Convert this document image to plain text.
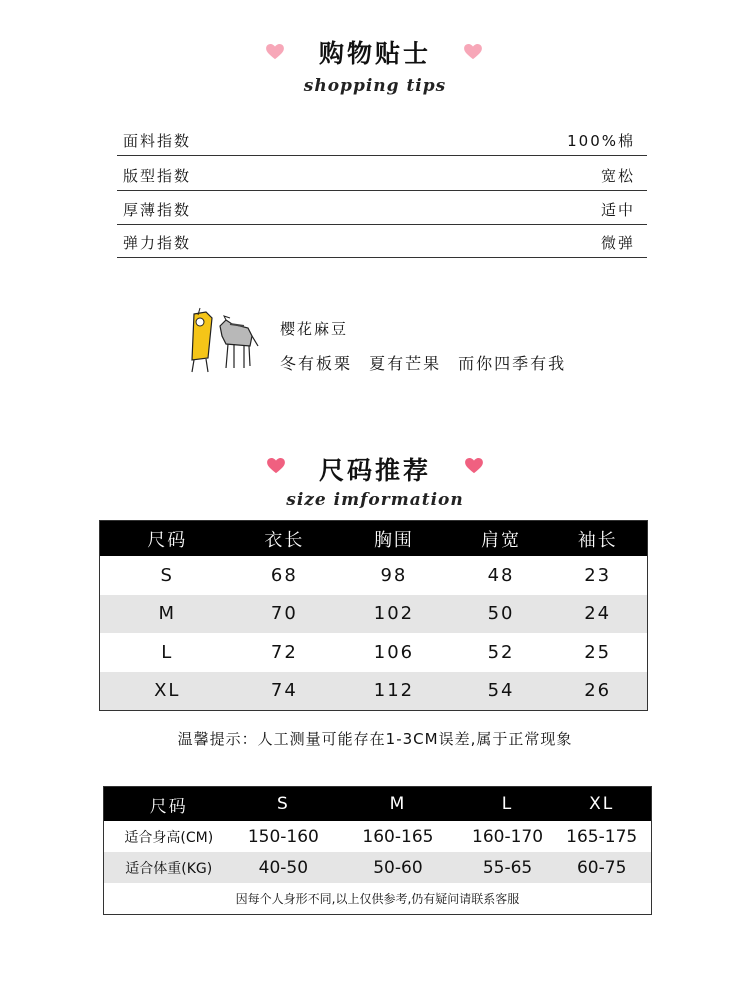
购物贴士
shopping tips
面料指数	100%棉
版型指数	宽松
厚薄指数	适中
弹力指数	微弹
樱花麻豆
冬有板栗 夏有芒果 而你四季有我
尺码推荐
size imformation
尺码	衣长	胸围	肩宽	袖长
S	68	98	48	23
M	70	102	50	24
L	72	106	52	25
XL	74	112	54	26
温馨提示：人工测量可能存在1-3CM误差,属于正常现象
尺码	S	M	L	XL
适合身高(CM)	150-160	160-165	160-170	165-175
适合体重(KG)	40-50	50-60	55-65	60-75
因每个人身形不同,以上仅供参考,仍有疑问请联系客服
